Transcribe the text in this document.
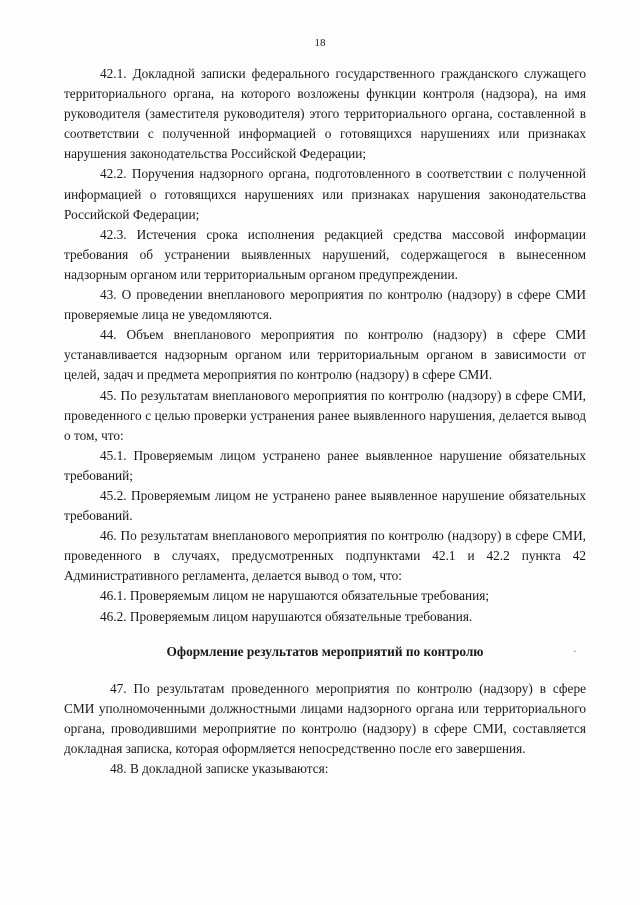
18
·

42.1. Докладной записки федерального государственного гражданского служащего территориального органа, на которого возложены функции контроля (надзора), на имя руководителя (заместителя руководителя) этого территориального органа, составленной в соответствии с полученной информацией о готовящихся нарушениях или признаках нарушения законодательства Российской Федерации;

42.2. Поручения надзорного органа, подготовленного в соответствии с полученной информацией о готовящихся нарушениях или признаках нарушения законодательства Российской Федерации;

42.3. Истечения срока исполнения редакцией средства массовой информации требования об устранении выявленных нарушений, содержащегося в вынесенном надзорным органом или территориальным органом предупреждении.

43. О проведении внепланового мероприятия по контролю (надзору) в сфере СМИ проверяемые лица не уведомляются.

44. Объем внепланового мероприятия по контролю (надзору) в сфере СМИ устанавливается надзорным органом или территориальным органом в зависимости от целей, задач и предмета мероприятия по контролю (надзору) в сфере СМИ.

45. По результатам внепланового мероприятия по контролю (надзору) в сфере СМИ, проведенного с целью проверки устранения ранее выявленного нарушения, делается вывод о том, что:

45.1. Проверяемым лицом устранено ранее выявленное нарушение обязательных требований;

45.2. Проверяемым лицом не устранено ранее выявленное нарушение обязательных требований.

46. По результатам внепланового мероприятия по контролю (надзору) в сфере СМИ, проведенного в случаях, предусмотренных подпунктами 42.1 и 42.2 пункта 42 Административного регламента, делается вывод о том, что:

46.1. Проверяемым лицом не нарушаются обязательные требования;

46.2. Проверяемым лицом нарушаются обязательные требования.

Оформление результатов мероприятий по контролю

47. По результатам проведенного мероприятия по контролю (надзору) в сфере СМИ уполномоченными должностными лицами надзорного органа или территориального органа, проводившими мероприятие по контролю (надзору) в сфере СМИ, составляется докладная записка, которая оформляется непосредственно после его завершения.

48. В докладной записке указываются:
